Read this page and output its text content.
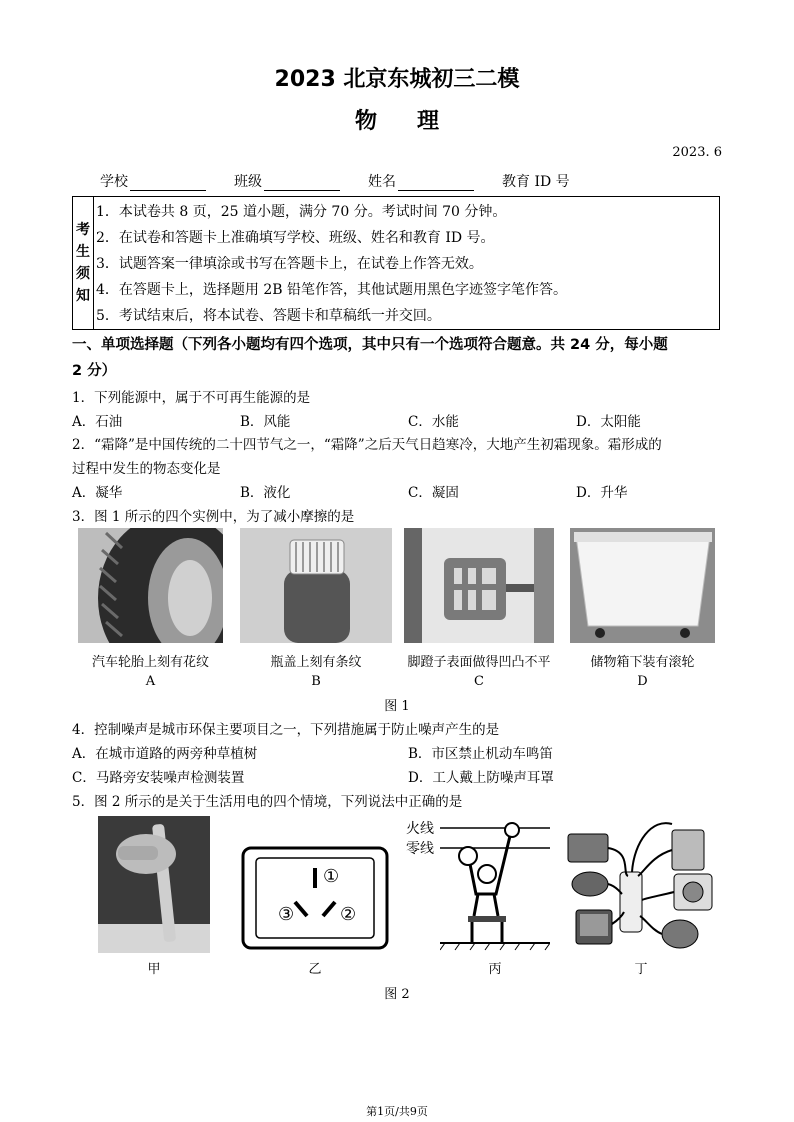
2023 北京东城初三二模
物理
2023. 6
学校	班级	姓名	教育 ID 号
考
生
须
知
1．本试卷共 8 页，25 道小题，满分 70 分。考试时间 70 分钟。
2．在试卷和答题卡上准确填写学校、班级、姓名和教育 ID 号。
3．试题答案一律填涂或书写在答题卡上，在试卷上作答无效。
4．在答题卡上，选择题用 2B 铅笔作答，其他试题用黑色字迹签字笔作答。
5．考试结束后，将本试卷、答题卡和草稿纸一并交回。
一、单项选择题（下列各小题均有四个选项，其中只有一个选项符合题意。共 24 分，每小题
2 分）
1．下列能源中，属于不可再生能源的是
A．石油	B．风能	C．水能	D．太阳能
2．“霜降”是中国传统的二十四节气之一，“霜降”之后天气日趋寒冷，大地产生初霜现象。霜形成的
过程中发生的物态变化是
A．凝华	B．液化	C．凝固	D．升华
3．图 1 所示的四个实例中，为了减小摩擦的是
汽车轮胎上刻有花纹	瓶盖上刻有条纹	脚蹬子表面做得凹凸不平	储物箱下装有滚轮
A	B	C	D
图 1
4．控制噪声是城市环保主要项目之一，下列措施属于防止噪声产生的是
A．在城市道路的两旁种草植树	B．市区禁止机动车鸣笛
C．马路旁安装噪声检测装置	D．工人戴上防噪声耳罩
5．图 2 所示的是关于生活用电的四个情境，下列说法中正确的是
①
②
③
火线
零线
甲	乙	丙	丁
图 2
第1页/共9页
